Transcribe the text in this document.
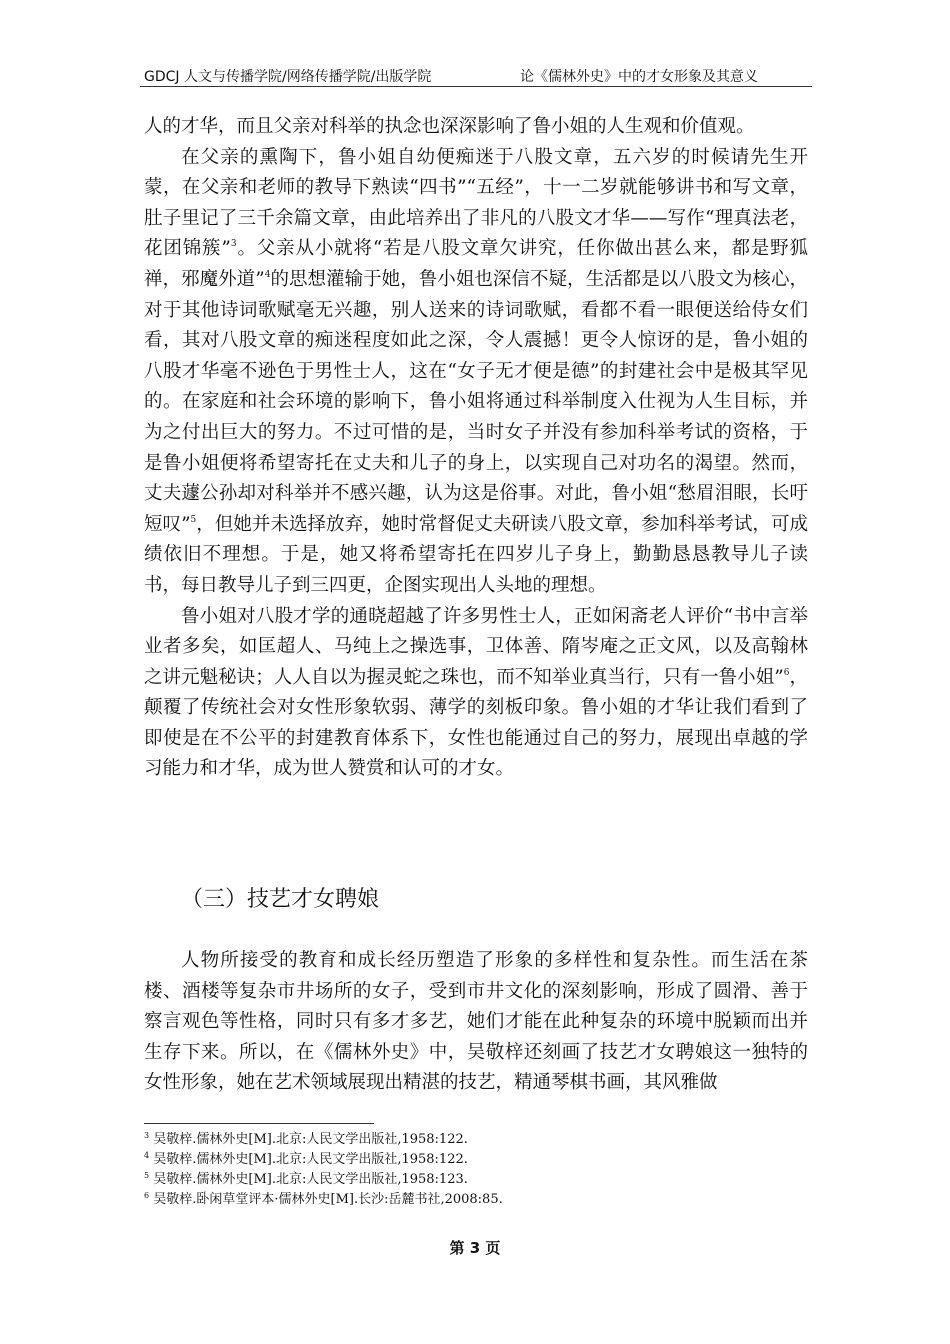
GDCJ 人文与传播学院/网络传播学院/出版学院	论《儒林外史》中的才女形象及其意义

人的才华，而且父亲对科举的执念也深深影响了鲁小姐的人生观和价值观。

在父亲的熏陶下，鲁小姐自幼便痴迷于八股文章，五六岁的时候请先生开蒙，在父亲和老师的教导下熟读“四书”“五经”，十一二岁就能够讲书和写文章，肚子里记了三千余篇文章，由此培养出了非凡的八股文才华——写作“理真法老，花团锦簇”$^3$。父亲从小就将“若是八股文章欠讲究，任你做出甚么来，都是野狐禅，邪魔外道”$^4$的思想灌输于她，鲁小姐也深信不疑，生活都是以八股文为核心，对于其他诗词歌赋毫无兴趣，别人送来的诗词歌赋，看都不看一眼便送给侍女们看，其对八股文章的痴迷程度如此之深，令人震撼！更令人惊讶的是，鲁小姐的八股才华毫不逊色于男性士人，这在“女子无才便是德”的封建社会中是极其罕见的。在家庭和社会环境的影响下，鲁小姐将通过科举制度入仕视为人生目标，并为之付出巨大的努力。不过可惜的是，当时女子并没有参加科举考试的资格，于是鲁小姐便将希望寄托在丈夫和儿子的身上，以实现自己对功名的渴望。然而，丈夫蘧公孙却对科举并不感兴趣，认为这是俗事。对此，鲁小姐“愁眉泪眼，长吁短叹”$^5$，但她并未选择放弃，她时常督促丈夫研读八股文章，参加科举考试，可成绩依旧不理想。于是，她又将希望寄托在四岁儿子身上，勤勤恳恳教导儿子读书，每日教导儿子到三四更，企图实现出人头地的理想。

鲁小姐对八股才学的通晓超越了许多男性士人，正如闲斋老人评价“书中言举业者多矣，如匡超人、马纯上之操选事，卫体善、隋岑庵之正文风，以及高翰林之讲元魁秘诀；人人自以为握灵蛇之珠也，而不知举业真当行，只有一鲁小姐”$^6$，颠覆了传统社会对女性形象软弱、薄学的刻板印象。鲁小姐的才华让我们看到了即使是在不公平的封建教育体系下，女性也能通过自己的努力，展现出卓越的学习能力和才华，成为世人赞赏和认可的才女。

（三）技艺才女聘娘

人物所接受的教育和成长经历塑造了形象的多样性和复杂性。而生活在茶楼、酒楼等复杂市井场所的女子，受到市井文化的深刻影响，形成了圆滑、善于察言观色等性格，同时只有多才多艺，她们才能在此种复杂的环境中脱颖而出并生存下来。所以，在《儒林外史》中，吴敬梓还刻画了技艺才女聘娘这一独特的女性形象，她在艺术领域展现出精湛的技艺，精通琴棋书画，其风雅做

$^3$ 吴敬梓.儒林外史[M].北京:人民文学出版社,1958:122.
$^4$ 吴敬梓.儒林外史[M].北京:人民文学出版社,1958:122.
$^5$ 吴敬梓.儒林外史[M].北京:人民文学出版社,1958:123.
$^6$ 吴敬梓.卧闲草堂评本·儒林外史[M].长沙:岳麓书社,2008:85.
第 3 页
